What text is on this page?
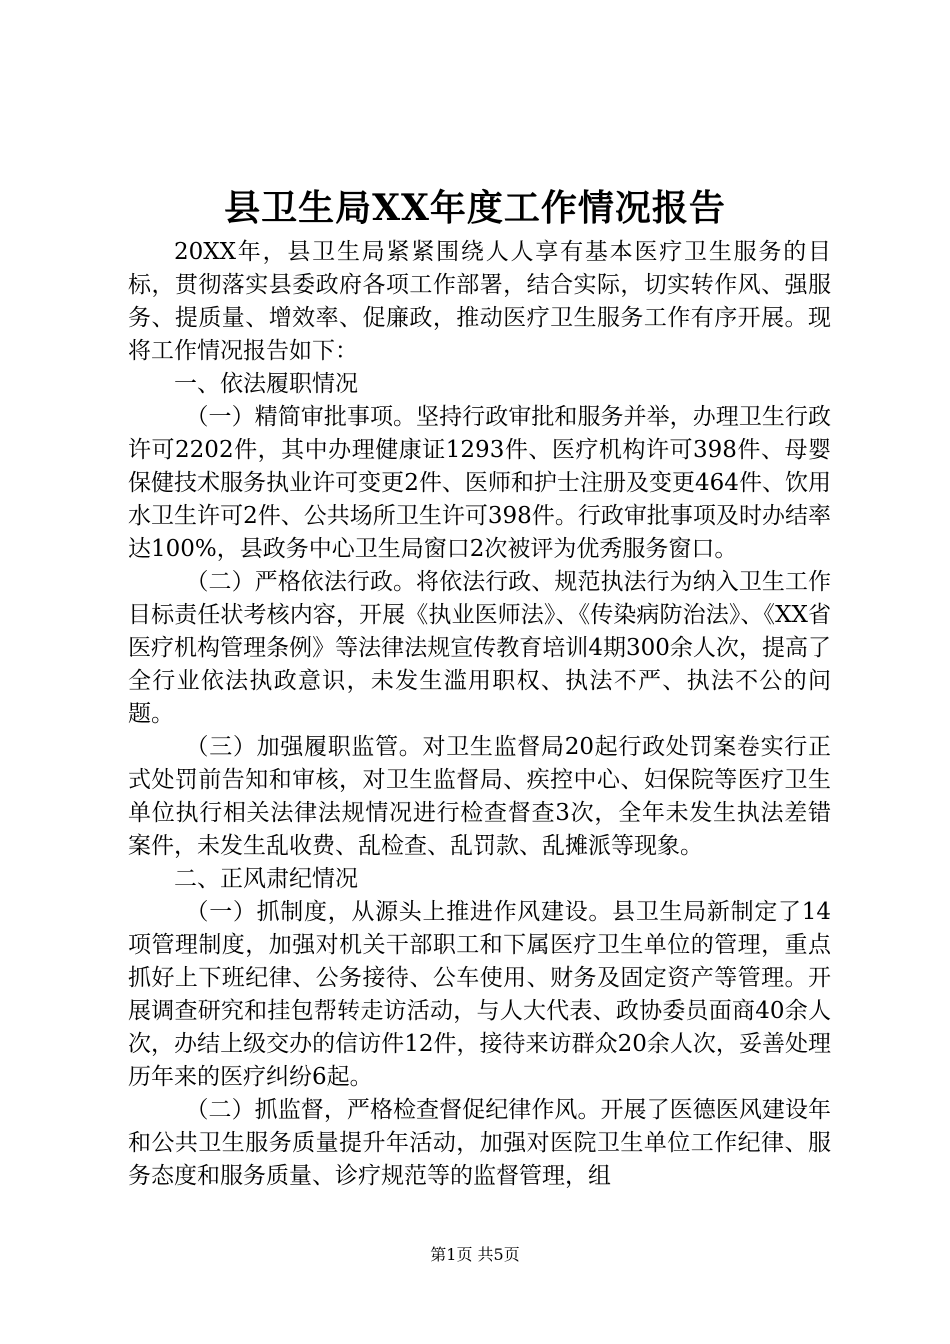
县卫生局XX年度工作情况报告

20XX年，县卫生局紧紧围绕人人享有基本医疗卫生服务的目标，贯彻落实县委政府各项工作部署，结合实际，切实转作风、强服务、提质量、增效率、促廉政，推动医疗卫生服务工作有序开展。现将工作情况报告如下：

一、依法履职情况

（一）精简审批事项。坚持行政审批和服务并举，办理卫生行政许可2202件，其中办理健康证1293件、医疗机构许可398件、母婴保健技术服务执业许可变更2件、医师和护士注册及变更464件、饮用水卫生许可2件、公共场所卫生许可398件。行政审批事项及时办结率达100%，县政务中心卫生局窗口2次被评为优秀服务窗口。

（二）严格依法行政。将依法行政、规范执法行为纳入卫生工作目标责任状考核内容，开展《执业医师法》、《传染病防治法》、《XX省医疗机构管理条例》等法律法规宣传教育培训4期300余人次，提高了全行业依法执政意识，未发生滥用职权、执法不严、执法不公的问题。

（三）加强履职监管。对卫生监督局20起行政处罚案卷实行正式处罚前告知和审核，对卫生监督局、疾控中心、妇保院等医疗卫生单位执行相关法律法规情况进行检查督查3次，全年未发生执法差错案件，未发生乱收费、乱检查、乱罚款、乱摊派等现象。

二、正风肃纪情况

（一）抓制度，从源头上推进作风建设。县卫生局新制定了14项管理制度，加强对机关干部职工和下属医疗卫生单位的管理，重点抓好上下班纪律、公务接待、公车使用、财务及固定资产等管理。开展调查研究和挂包帮转走访活动，与人大代表、政协委员面商40余人次，办结上级交办的信访件12件，接待来访群众20余人次，妥善处理历年来的医疗纠纷6起。

（二）抓监督，严格检查督促纪律作风。开展了医德医风建设年和公共卫生服务质量提升年活动，加强对医院卫生单位工作纪律、服务态度和服务质量、诊疗规范等的监督管理，组

第1页 共5页
